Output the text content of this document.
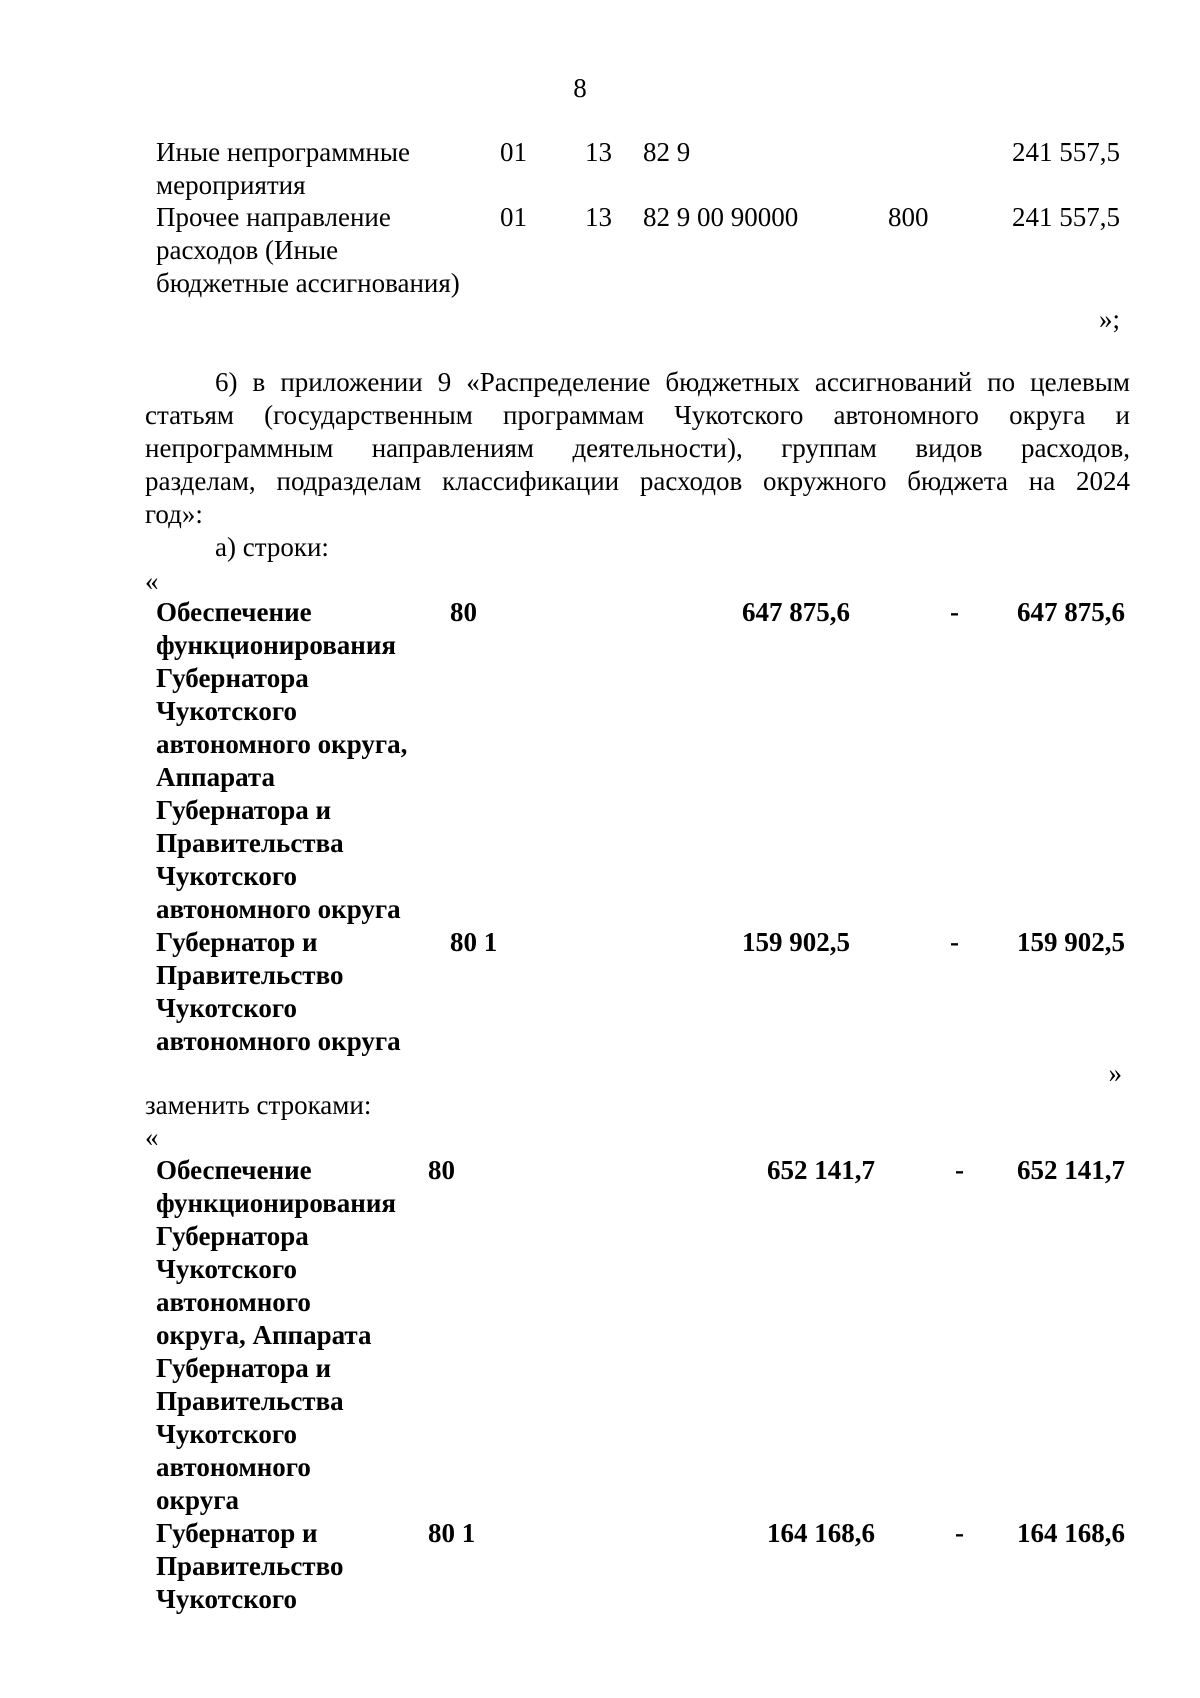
8
Иные непрограммные
мероприятия
01 13 82 9	241 557,5
Прочее направление
расходов (Иные
бюджетные ассигнования)
01 13 82 9 00 90000	800	241 557,5
»;
6) в приложении 9 «Распределение бюджетных ассигнований по целевым
статьям (государственным программам Чукотского автономного округа и
непрограммным направлениям деятельности), группам видов расходов,
разделам, подразделам классификации расходов окружного бюджета на 2024
год»:
а) строки:
«
Обеспечение
функционирования
Губернатора
Чукотского
автономного округа,
Аппарата
Губернатора и
Правительства
Чукотского
автономного округа
80	647 875,6	-	647 875,6
Губернатор и
Правительство
Чукотского
автономного округа
80 1	159 902,5	-	159 902,5
»
заменить строками:
«
Обеспечение
функционирования
Губернатора
Чукотского
автономного
округа, Аппарата
Губернатора и
Правительства
Чукотского
автономного
округа
80	652 141,7	-	652 141,7
Губернатор и
Правительство
Чукотского
80 1	164 168,6	-	164 168,6
